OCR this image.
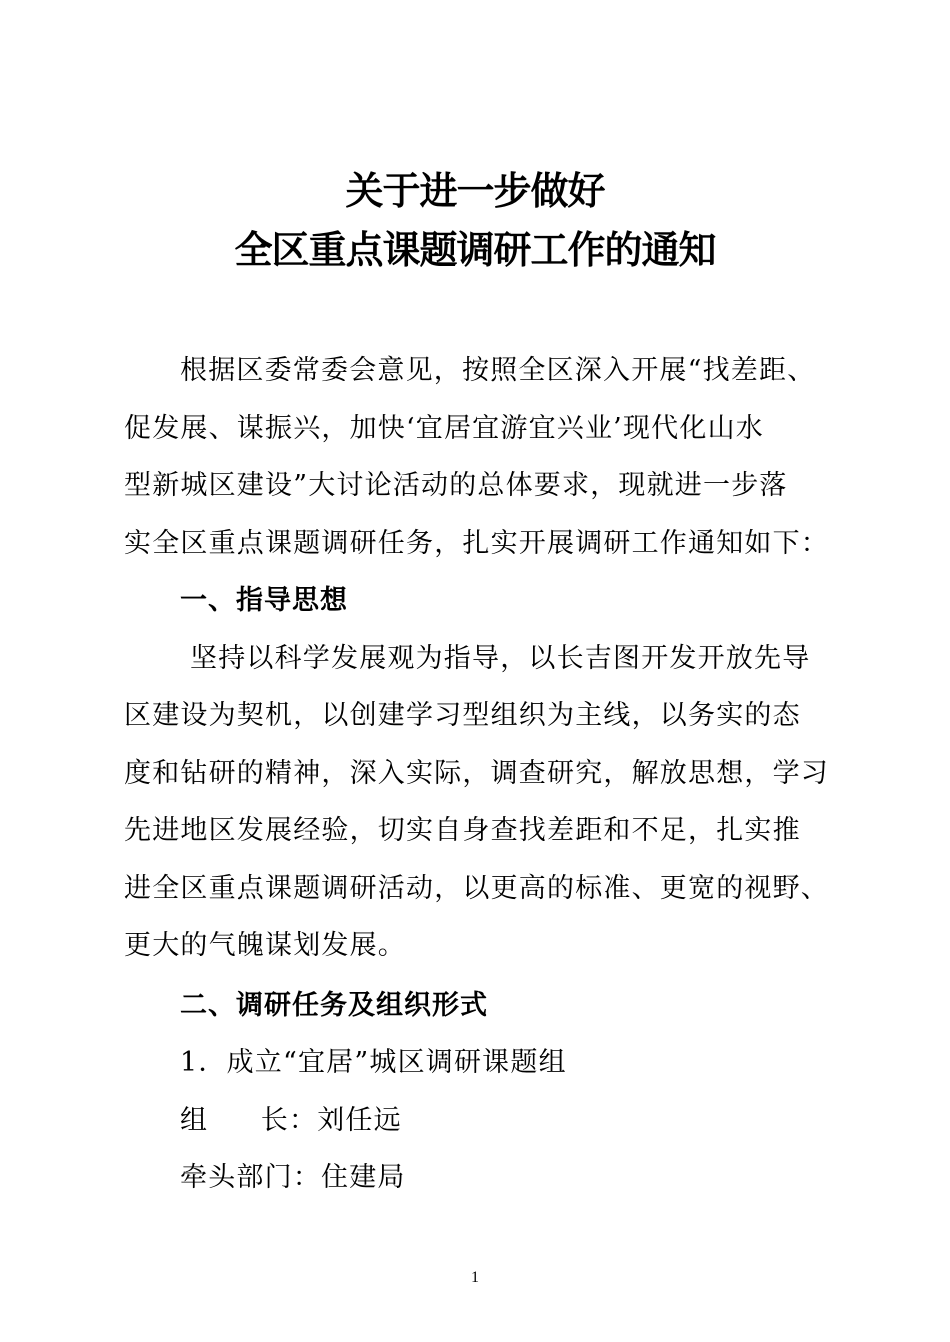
关于进一步做好
全区重点课题调研工作的通知

根据区委常委会意见，按照全区深入开展“找差距、
促发展、谋振兴，加快‘宜居宜游宜兴业’现代化山水
型新城区建设”大讨论活动的总体要求，现就进一步落
实全区重点课题调研任务，扎实开展调研工作通知如下：

一、指导思想

坚持以科学发展观为指导，以长吉图开发开放先导
区建设为契机，以创建学习型组织为主线，以务实的态
度和钻研的精神，深入实际，调查研究，解放思想，学习
先进地区发展经验，切实自身查找差距和不足，扎实推
进全区重点课题调研活动，以更高的标准、更宽的视野、
更大的气魄谋划发展。

二、调研任务及组织形式

1．成立“宜居”城区调研课题组

组长：刘任远

牵头部门：住建局

1
